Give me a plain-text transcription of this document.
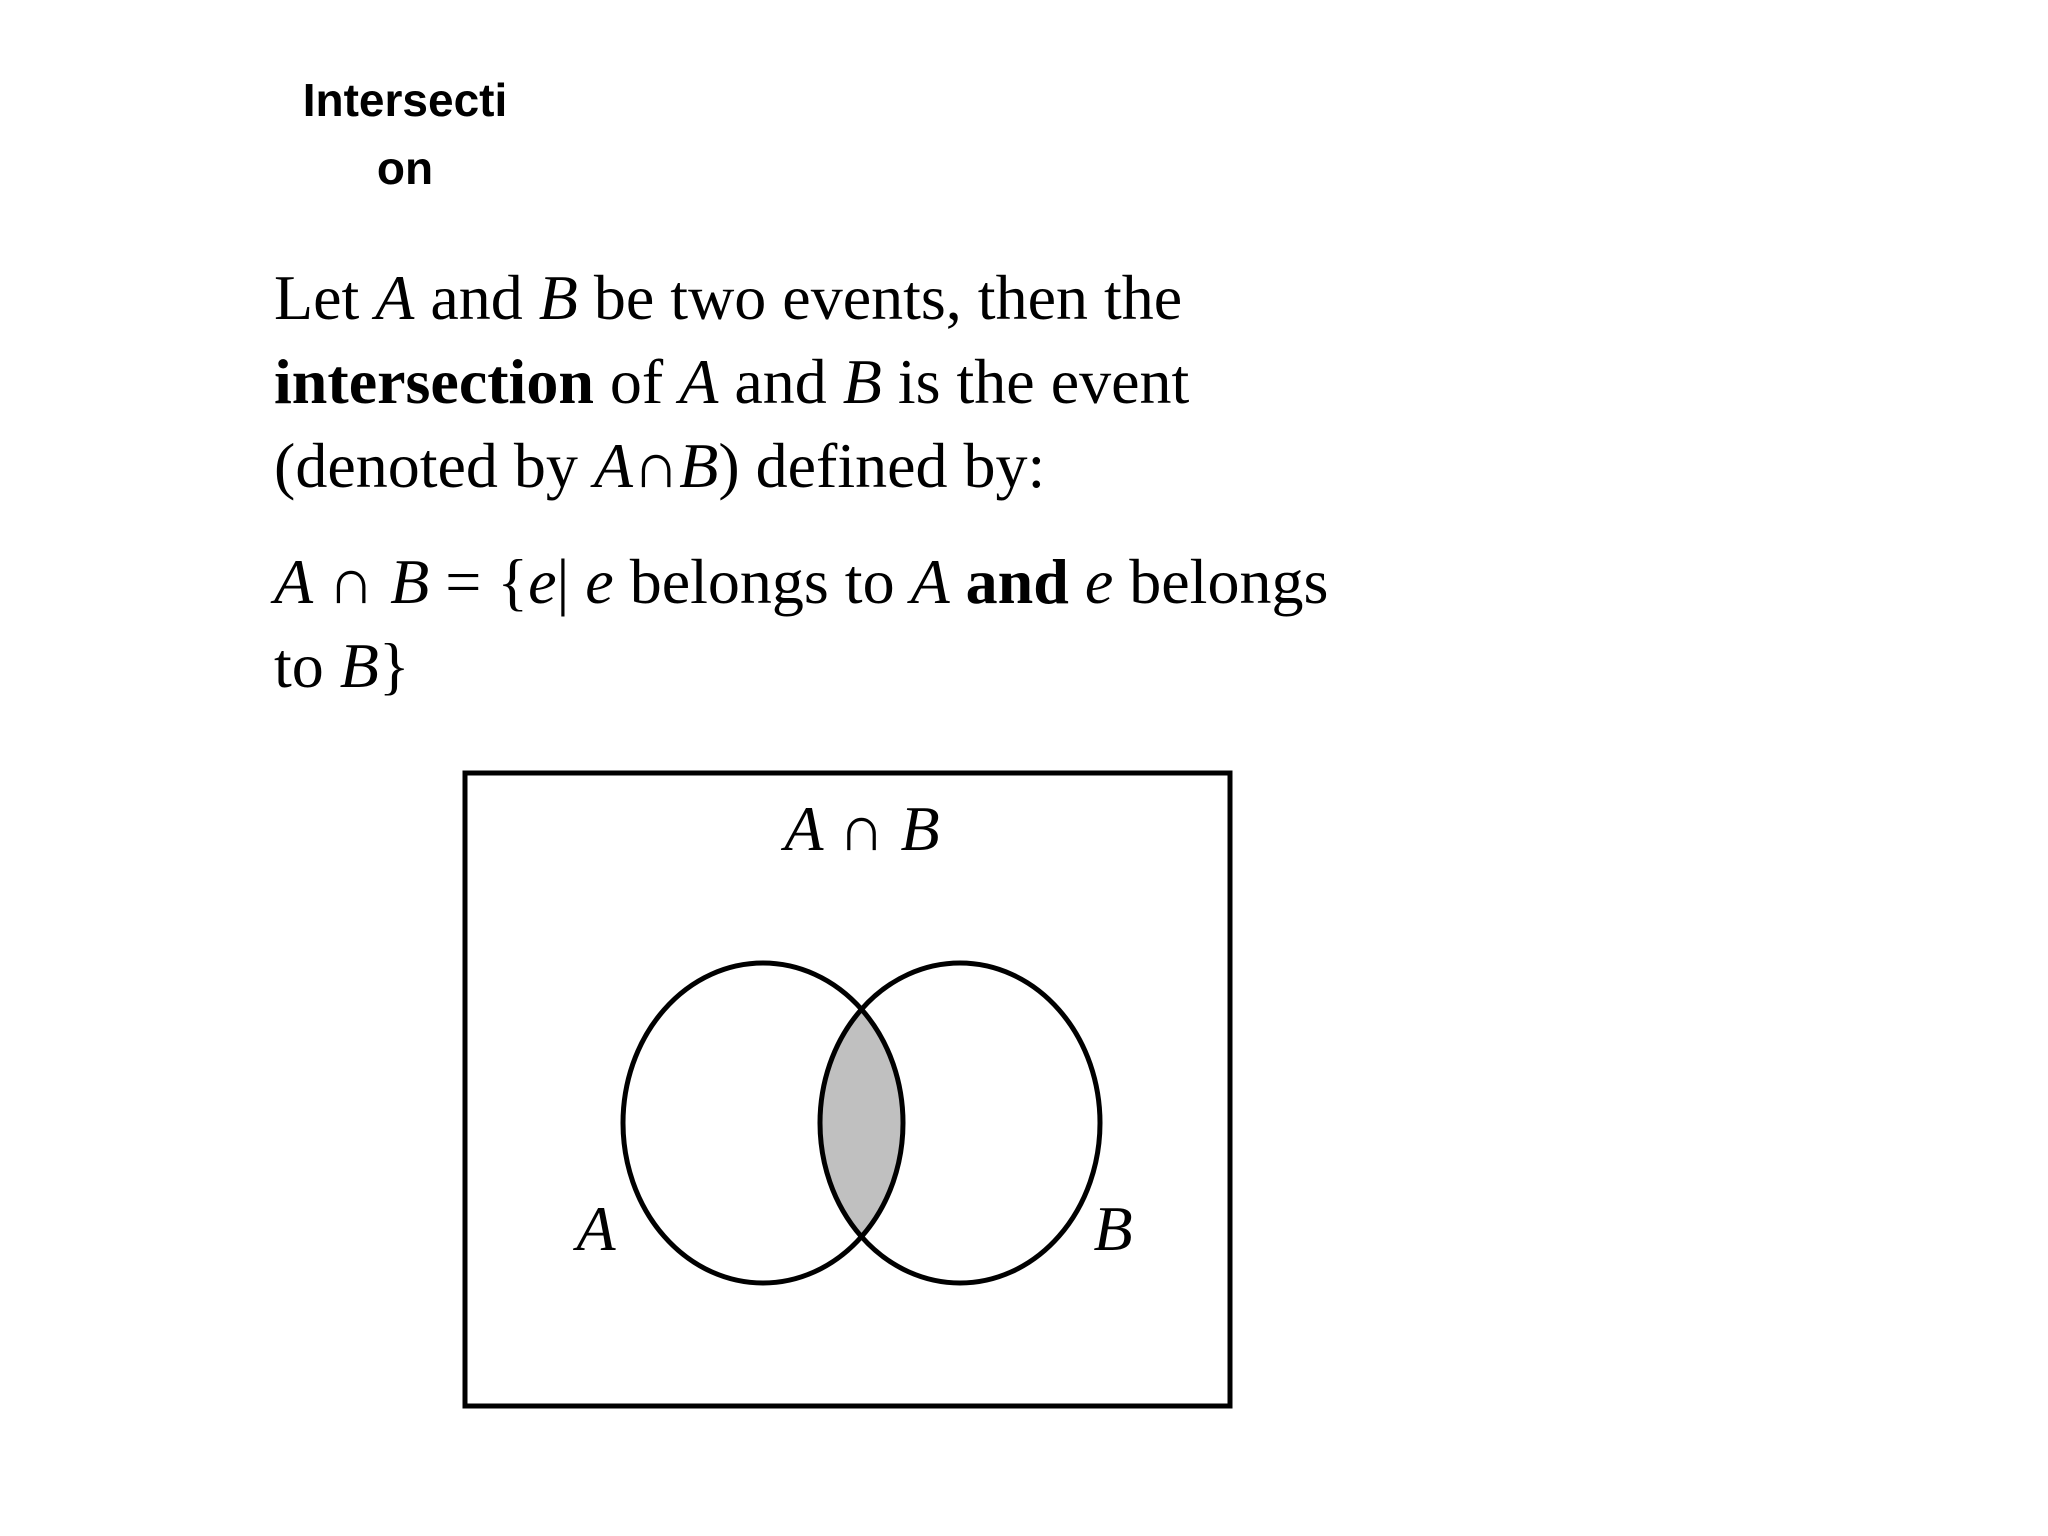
Intersecti
on

Let A and B be two events, then the
intersection of A and B is the event
(denoted by A∩B) defined by:

A ∩ B = {e| e belongs to A and e belongs
to B}

A ∩ B
A	B
